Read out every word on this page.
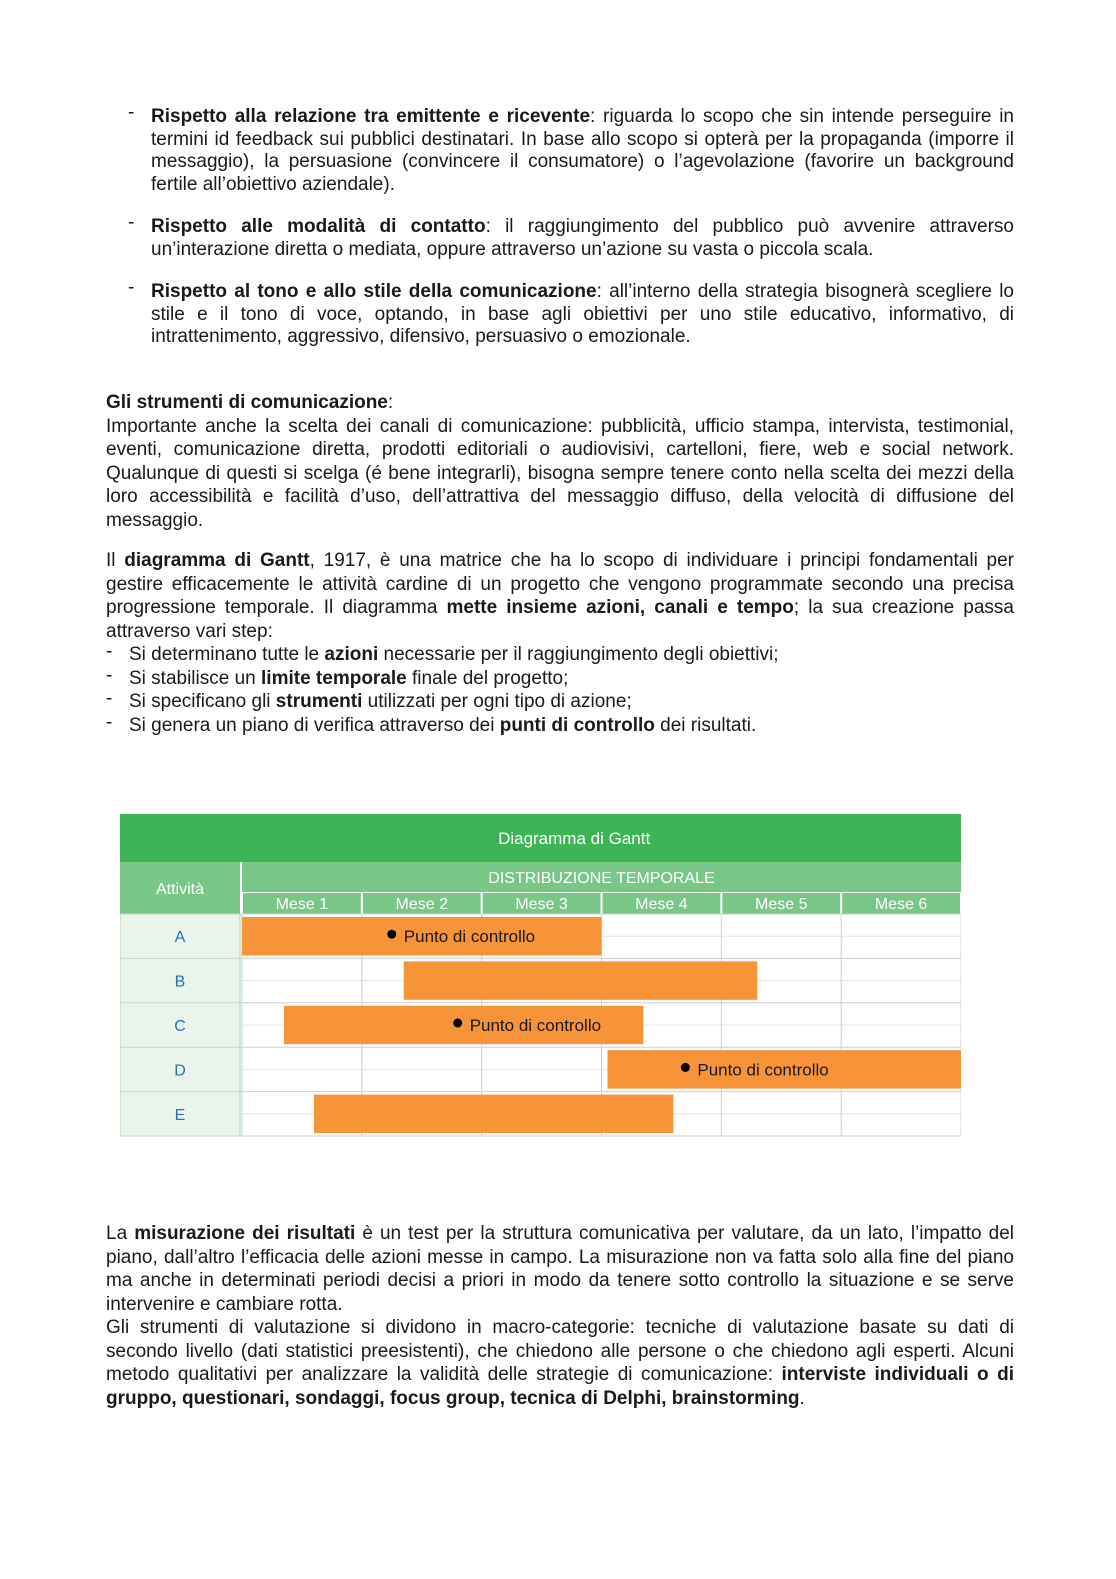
- Rispetto alla relazione tra emittente e ricevente: riguarda lo scopo che sin intende perseguire in termini id feedback sui pubblici destinatari. In base allo scopo si opterà per la propaganda (imporre il messaggio), la persuasione (convincere il consumatore) o l’agevolazione (favorire un background fertile all’obiettivo aziendale).
- Rispetto alle modalità di contatto: il raggiungimento del pubblico può avvenire attraverso un’interazione diretta o mediata, oppure attraverso un’azione su vasta o piccola scala.
- Rispetto al tono e allo stile della comunicazione: all’interno della strategia bisognerà scegliere lo stile e il tono di voce, optando, in base agli obiettivi per uno stile educativo, informativo, di intrattenimento, aggressivo, difensivo, persuasivo o emozionale.
Gli strumenti di comunicazione:
Importante anche la scelta dei canali di comunicazione: pubblicità, ufficio stampa, intervista, testimonial, eventi, comunicazione diretta, prodotti editoriali o audiovisivi, cartelloni, fiere, web e social network. Qualunque di questi si scelga (é bene integrarli), bisogna sempre tenere conto nella scelta dei mezzi della loro accessibilità e facilità d’uso, dell’attrattiva del messaggio diffuso, della velocità di diffusione del messaggio.
Il diagramma di Gantt, 1917, è una matrice che ha lo scopo di individuare i principi fondamentali per gestire efficacemente le attività cardine di un progetto che vengono programmate secondo una precisa progressione temporale. Il diagramma mette insieme azioni, canali e tempo; la sua creazione passa attraverso vari step:
- Si determinano tutte le azioni necessarie per il raggiungimento degli obiettivi;
- Si stabilisce un limite temporale finale del progetto;
- Si specificano gli strumenti utilizzati per ogni tipo di azione;
- Si genera un piano di verifica attraverso dei punti di controllo dei risultati.
Diagramma di Gantt
Attività
DISTRIBUZIONE TEMPORALE
Mese 1	Mese 2	Mese 3	Mese 4	Mese 5	Mese 6
A	Punto di controllo
B
C	Punto di controllo
D	Punto di controllo
E
La misurazione dei risultati è un test per la struttura comunicativa per valutare, da un lato, l’impatto del piano, dall’altro l’efficacia delle azioni messe in campo. La misurazione non va fatta solo alla fine del piano ma anche in determinati periodi decisi a priori in modo da tenere sotto controllo la situazione e se serve intervenire e cambiare rotta.
Gli strumenti di valutazione si dividono in macro-categorie: tecniche di valutazione basate su dati di secondo livello (dati statistici preesistenti), che chiedono alle persone o che chiedono agli esperti. Alcuni metodo qualitativi per analizzare la validità delle strategie di comunicazione: interviste individuali o di gruppo, questionari, sondaggi, focus group, tecnica di Delphi, brainstorming.
